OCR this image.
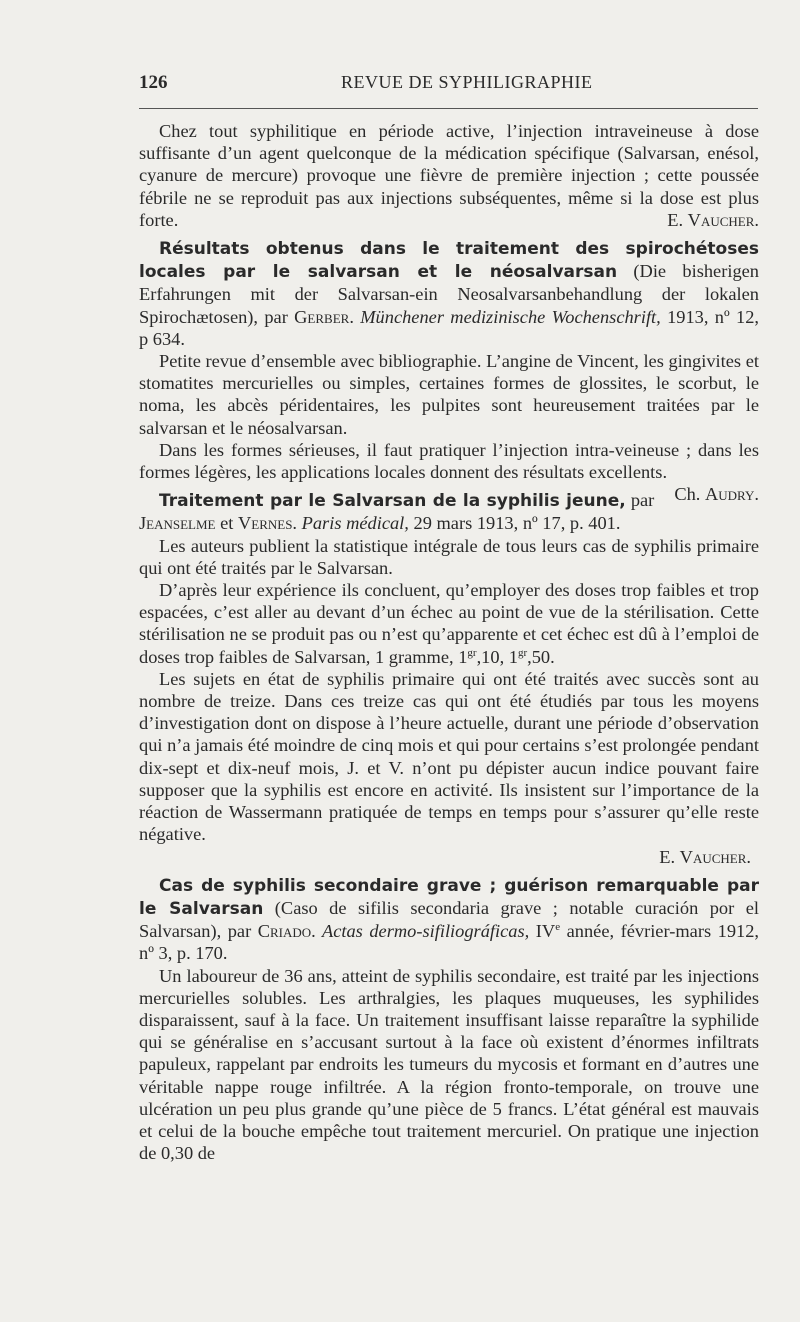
126	REVUE DE SYPHILIGRAPHIE

Chez tout syphilitique en période active, l’injection intraveineuse à dose suffisante d’un agent quelconque de la médication spécifique (Salvarsan, enésol, cyanure de mercure) provoque une fièvre de première injection ; cette poussée fébrile ne se reproduit pas aux injections subséquentes, même si la dose est plus forte.	E. Vaucher.

Résultats obtenus dans le traitement des spirochétoses locales par le salvarsan et le néosalvarsan (Die bisherigen Erfahrungen mit der Salvarsan-ein Neosalvarsanbehandlung der lokalen Spirochætosen), par Gerber. Münchener medizinische Wochenschrift, 1913, nº 12, p 634.

Petite revue d’ensemble avec bibliographie. L’angine de Vincent, les gingivites et stomatites mercurielles ou simples, certaines formes de glossites, le scorbut, le noma, les abcès péridentaires, les pulpites sont heureusement traitées par le salvarsan et le néosalvarsan.

Dans les formes sérieuses, il faut pratiquer l’injection intra-veineuse ; dans les formes légères, les applications locales donnent des résultats excellents.
Ch. Audry.

Traitement par le Salvarsan de la syphilis jeune, par Jeanselme et Vernes. Paris médical, 29 mars 1913, nº 17, p. 401.

Les auteurs publient la statistique intégrale de tous leurs cas de syphilis primaire qui ont été traités par le Salvarsan.

D’après leur expérience ils concluent, qu’employer des doses trop faibles et trop espacées, c’est aller au devant d’un échec au point de vue de la stérilisation. Cette stérilisation ne se produit pas ou n’est qu’apparente et cet échec est dû à l’emploi de doses trop faibles de Salvarsan, 1 gramme, $1^{gr},10$, $1^{gr},50$.

Les sujets en état de syphilis primaire qui ont été traités avec succès sont au nombre de treize. Dans ces treize cas qui ont été étudiés par tous les moyens d’investigation dont on dispose à l’heure actuelle, durant une période d’observation qui n’a jamais été moindre de cinq mois et qui pour certains s’est prolongée pendant dix-sept et dix-neuf mois, J. et V. n’ont pu dépister aucun indice pouvant faire supposer que la syphilis est encore en activité. Ils insistent sur l’importance de la réaction de Wassermann pratiquée de temps en temps pour s’assurer qu’elle reste négative.

E. Vaucher.

Cas de syphilis secondaire grave ; guérison remarquable par le Salvarsan (Caso de sifilis secondaria grave ; notable curación por el Salvarsan), par Criado. Actas dermo-sifiliográficas, IVe année, février-mars 1912, nº 3, p. 170.

Un laboureur de 36 ans, atteint de syphilis secondaire, est traité par les injections mercurielles solubles. Les arthralgies, les plaques muqueuses, les syphilides disparaissent, sauf à la face. Un traitement insuffisant laisse reparaître la syphilide qui se généralise en s’accusant surtout à la face où existent d’énormes infiltrats papuleux, rappelant par endroits les tumeurs du mycosis et formant en d’autres une véritable nappe rouge infiltrée. A la région fronto-temporale, on trouve une ulcération un peu plus grande qu’une pièce de 5 francs. L’état général est mauvais et celui de la bouche empêche tout traitement mercuriel. On pratique une injection de 0,30 de
